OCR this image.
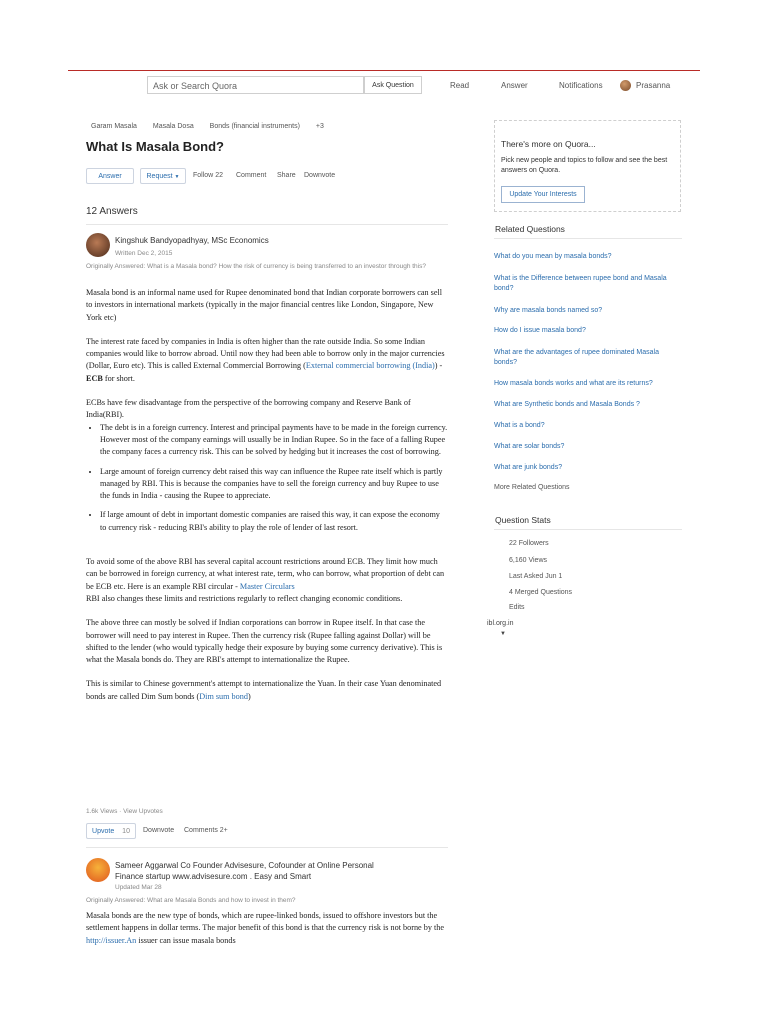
Ask or Search Quora	Ask Question	Read	Answer	Notifications	Prasanna
Garam Masala Masala Dosa Bonds (financial instruments) +3
What Is Masala Bond?
Answer	Request ▼	Follow 22 Comment Share Downvote
12 Answers
Kingshuk Bandyopadhyay, MSc Economics
Written Dec 2, 2015
Originally Answered: What is a Masala bond? How the risk of currency is being transferred to an investor through this?
Masala bond is an informal name used for Rupee denominated bond that Indian corporate borrowers can sell to investors in international markets (typically in the major financial centres like London, Singapore, New York etc)
The interest rate faced by companies in India is often higher than the rate outside India. So some Indian companies would like to borrow abroad. Until now they had been able to borrow only in the major currencies (Dollar, Euro etc). This is called External Commercial Borrowing (External commercial borrowing (India)) - ECB for short.
ECBs have few disadvantage from the perspective of the borrowing company and Reserve Bank of India(RBI).
• The debt is in a foreign currency. Interest and principal payments have to be made in the foreign currency. However most of the company earnings will usually be in Indian Rupee. So in the face of a falling Rupee the company faces a currency risk. This can be solved by hedging but it increases the cost of borrowing.
• Large amount of foreign currency debt raised this way can influence the Rupee rate itself which is partly managed by RBI. This is because the companies have to sell the foreign currency and buy Rupee to use the funds in India - causing the Rupee to appreciate.
• If large amount of debt in important domestic companies are raised this way, it can expose the economy to currency risk - reducing RBI's ability to play the role of lender of last resort.
To avoid some of the above RBI has several capital account restrictions around ECB. They limit how much can be borrowed in foreign currency, at what interest rate, term, who can borrow, what proportion of debt can be ECB etc. Here is an example RBI circular - Master Circulars
RBI also changes these limits and restrictions regularly to reflect changing economic conditions.
The above three can mostly be solved if Indian corporations can borrow in Rupee itself. In that case the borrower will need to pay interest in Rupee. Then the currency risk (Rupee falling against Dollar) will be shifted to the lender (who would typically hedge their exposure by buying some currency derivative). This is what the Masala bonds do. They are RBI's attempt to internationalize the Rupee.
This is similar to Chinese government's attempt to internationalize the Yuan. In their case Yuan denominated bonds are called Dim Sum bonds (Dim sum bond)
1.6k Views · View Upvotes
Upvote 10	Downvote Comments 2+
Sameer Aggarwal Co Founder Advisesure, Cofounder at Online Personal
Finance startup www.advisesure.com . Easy and Smart
Updated Mar 28
Originally Answered: What are Masala Bonds and how to invest in them?
Masala bonds are the new type of bonds, which are rupee-linked bonds, issued to offshore investors but the settlement happens in dollar terms. The major benefit of this bond is that the currency risk is not borne by the http://issuer.An issuer can issue masala bonds
There's more on Quora...
Pick new people and topics to follow and see the best answers on Quora.
Update Your Interests
Related Questions
What do you mean by masala bonds?
What is the Difference between rupee bond and Masala bond?
Why are masala bonds named so?
How do I issue masala bond?
What are the advantages of rupee dominated Masala bonds?
How masala bonds works and what are its returns?
What are Synthetic bonds and Masala Bonds ?
What is a bond?
What are solar bonds?
What are junk bonds?
More Related Questions
Question Stats
22 Followers
6,160 Views
Last Asked Jun 1
4 Merged Questions
Edits
ibl.org.in
▼
